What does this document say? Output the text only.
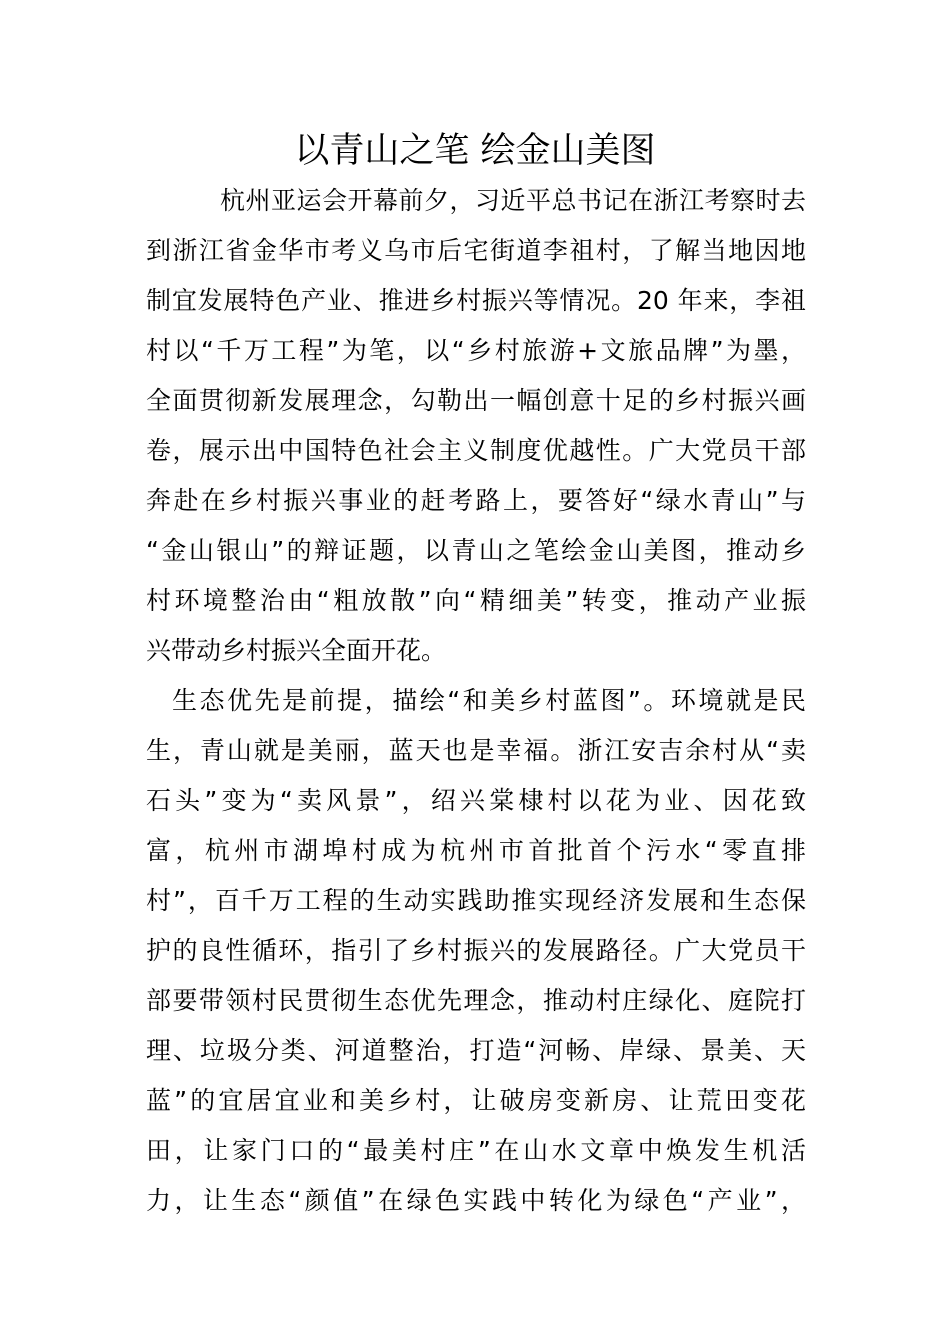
以青山之笔 绘金山美图

杭州亚运会开幕前夕，习近平总书记在浙江考察时去

到浙江省金华市考义乌市后宅街道李祖村，了解当地因地

制宜发展特色产业、推进乡村振兴等情况。20 年来，李祖

村以“千万工程”为笔，以“乡村旅游+文旅品牌”为墨，

全面贯彻新发展理念，勾勒出一幅创意十足的乡村振兴画

卷，展示出中国特色社会主义制度优越性。广大党员干部

奔赴在乡村振兴事业的赶考路上，要答好“绿水青山”与

“金山银山”的辩证题，以青山之笔绘金山美图，推动乡

村环境整治由“粗放散”向“精细美”转变，推动产业振

兴带动乡村振兴全面开花。

生态优先是前提，描绘“和美乡村蓝图”。环境就是民

生，青山就是美丽，蓝天也是幸福。浙江安吉余村从“卖

石头”变为“卖风景”，绍兴棠棣村以花为业、因花致

富，杭州市湖埠村成为杭州市首批首个污水“零直排

村”，百千万工程的生动实践助推实现经济发展和生态保

护的良性循环，指引了乡村振兴的发展路径。广大党员干

部要带领村民贯彻生态优先理念，推动村庄绿化、庭院打

理、垃圾分类、河道整治，打造“河畅、岸绿、景美、天

蓝”的宜居宜业和美乡村，让破房变新房、让荒田变花

田，让家门口的“最美村庄”在山水文章中焕发生机活

力，让生态“颜值”在绿色实践中转化为绿色“产业”，
